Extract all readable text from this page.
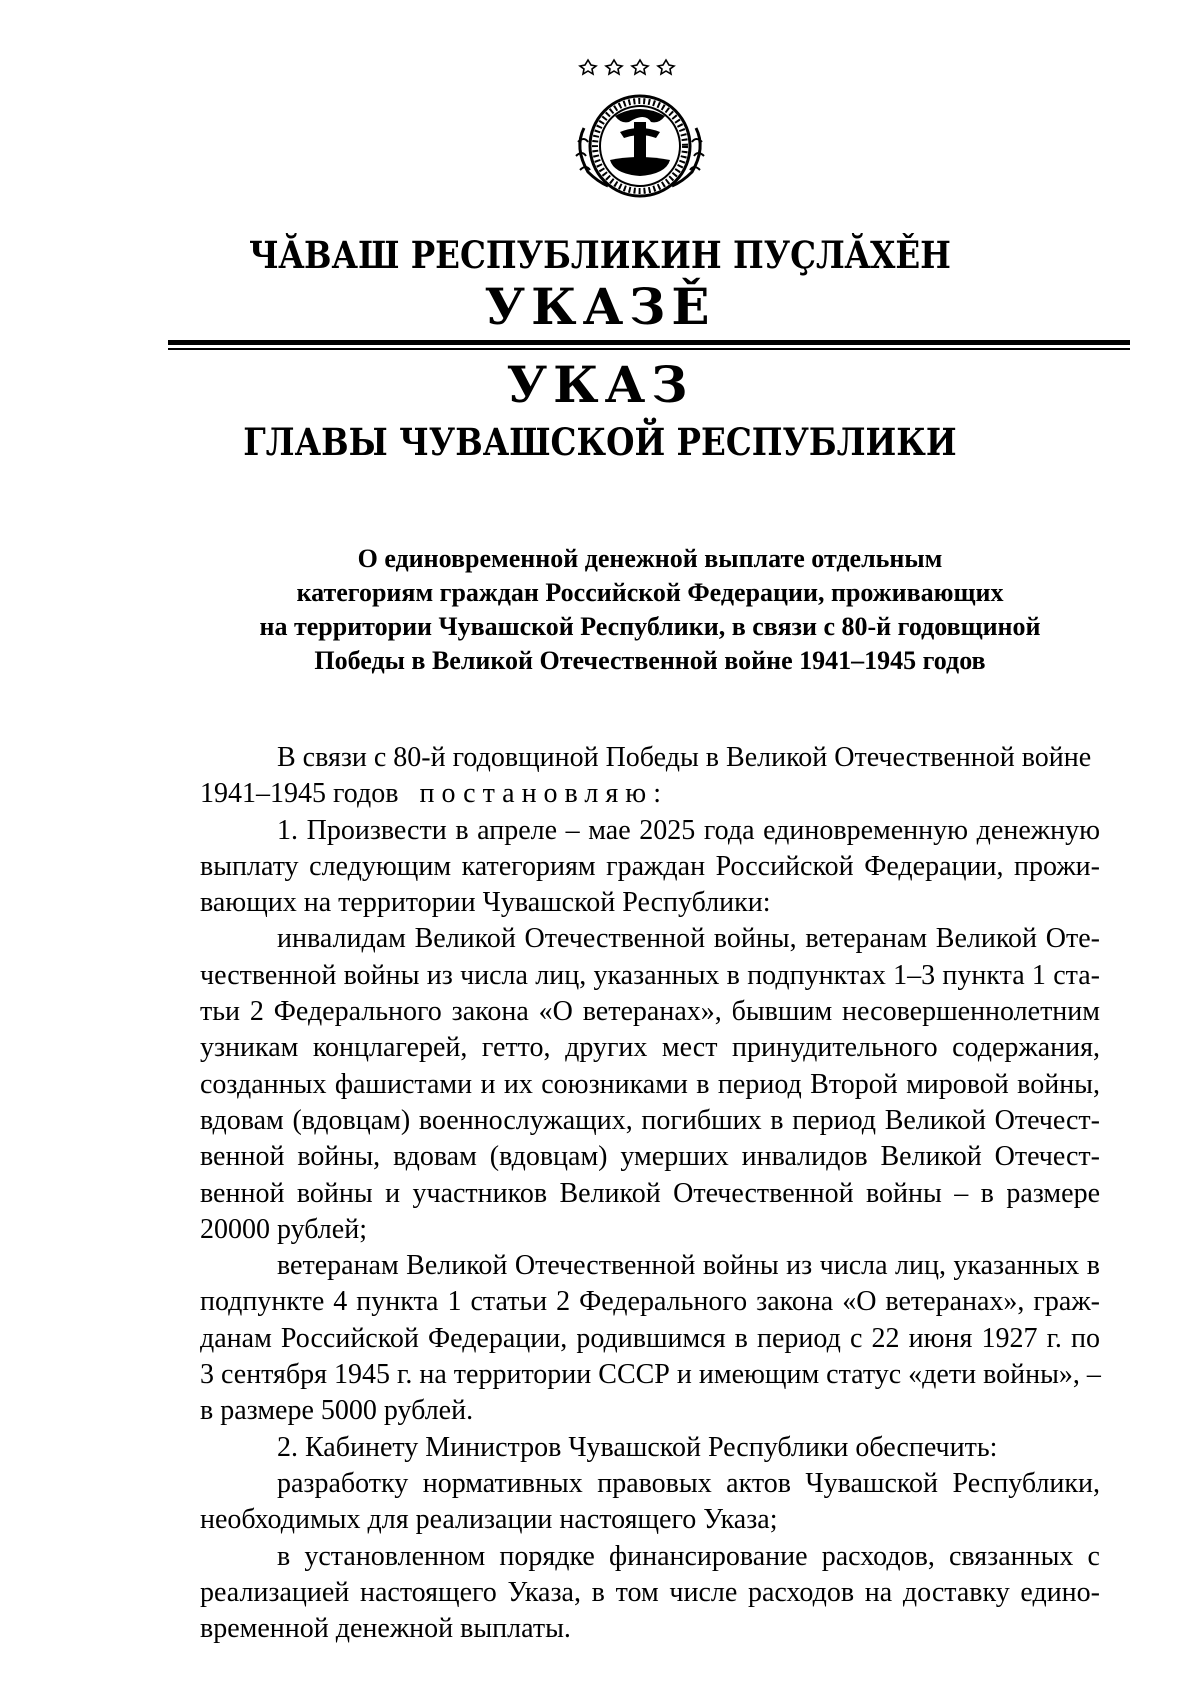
ЧĂВАШ РЕСПУБЛИКИН ПУÇЛĂХĚН
УКАЗĚ
УКАЗ
ГЛАВЫ ЧУВАШСКОЙ РЕСПУБЛИКИ
О единовременной денежной выплате отдельным
категориям граждан Российской Федерации, проживающих
на территории Чувашской Республики, в связи с 80-й годовщиной
Победы в Великой Отечественной войне 1941–1945 годов
В связи с 80-й годовщиной Победы в Великой Отечественной войне
1941–1945 годов постановляю:
1. Произвести в апреле – мае 2025 года единовременную денежную
выплату следующим категориям граждан Российской Федерации, прожи-
вающих на территории Чувашской Республики:
инвалидам Великой Отечественной войны, ветеранам Великой Оте-
чественной войны из числа лиц, указанных в подпунктах 1–3 пункта 1 ста-
тьи 2 Федерального закона «О ветеранах», бывшим несовершеннолетним
узникам концлагерей, гетто, других мест принудительного содержания,
созданных фашистами и их союзниками в период Второй мировой войны,
вдовам (вдовцам) военнослужащих, погибших в период Великой Отечест-
венной войны, вдовам (вдовцам) умерших инвалидов Великой Отечест-
венной войны и участников Великой Отечественной войны – в размере
20000 рублей;
ветеранам Великой Отечественной войны из числа лиц, указанных в
подпункте 4 пункта 1 статьи 2 Федерального закона «О ветеранах», граж-
данам Российской Федерации, родившимся в период с 22 июня 1927 г. по
3 сентября 1945 г. на территории СССР и имеющим статус «дети войны», –
в размере 5000 рублей.
2. Кабинету Министров Чувашской Республики обеспечить:
разработку нормативных правовых актов Чувашской Республики,
необходимых для реализации настоящего Указа;
в установленном порядке финансирование расходов, связанных с
реализацией настоящего Указа, в том числе расходов на доставку едино-
временной денежной выплаты.
